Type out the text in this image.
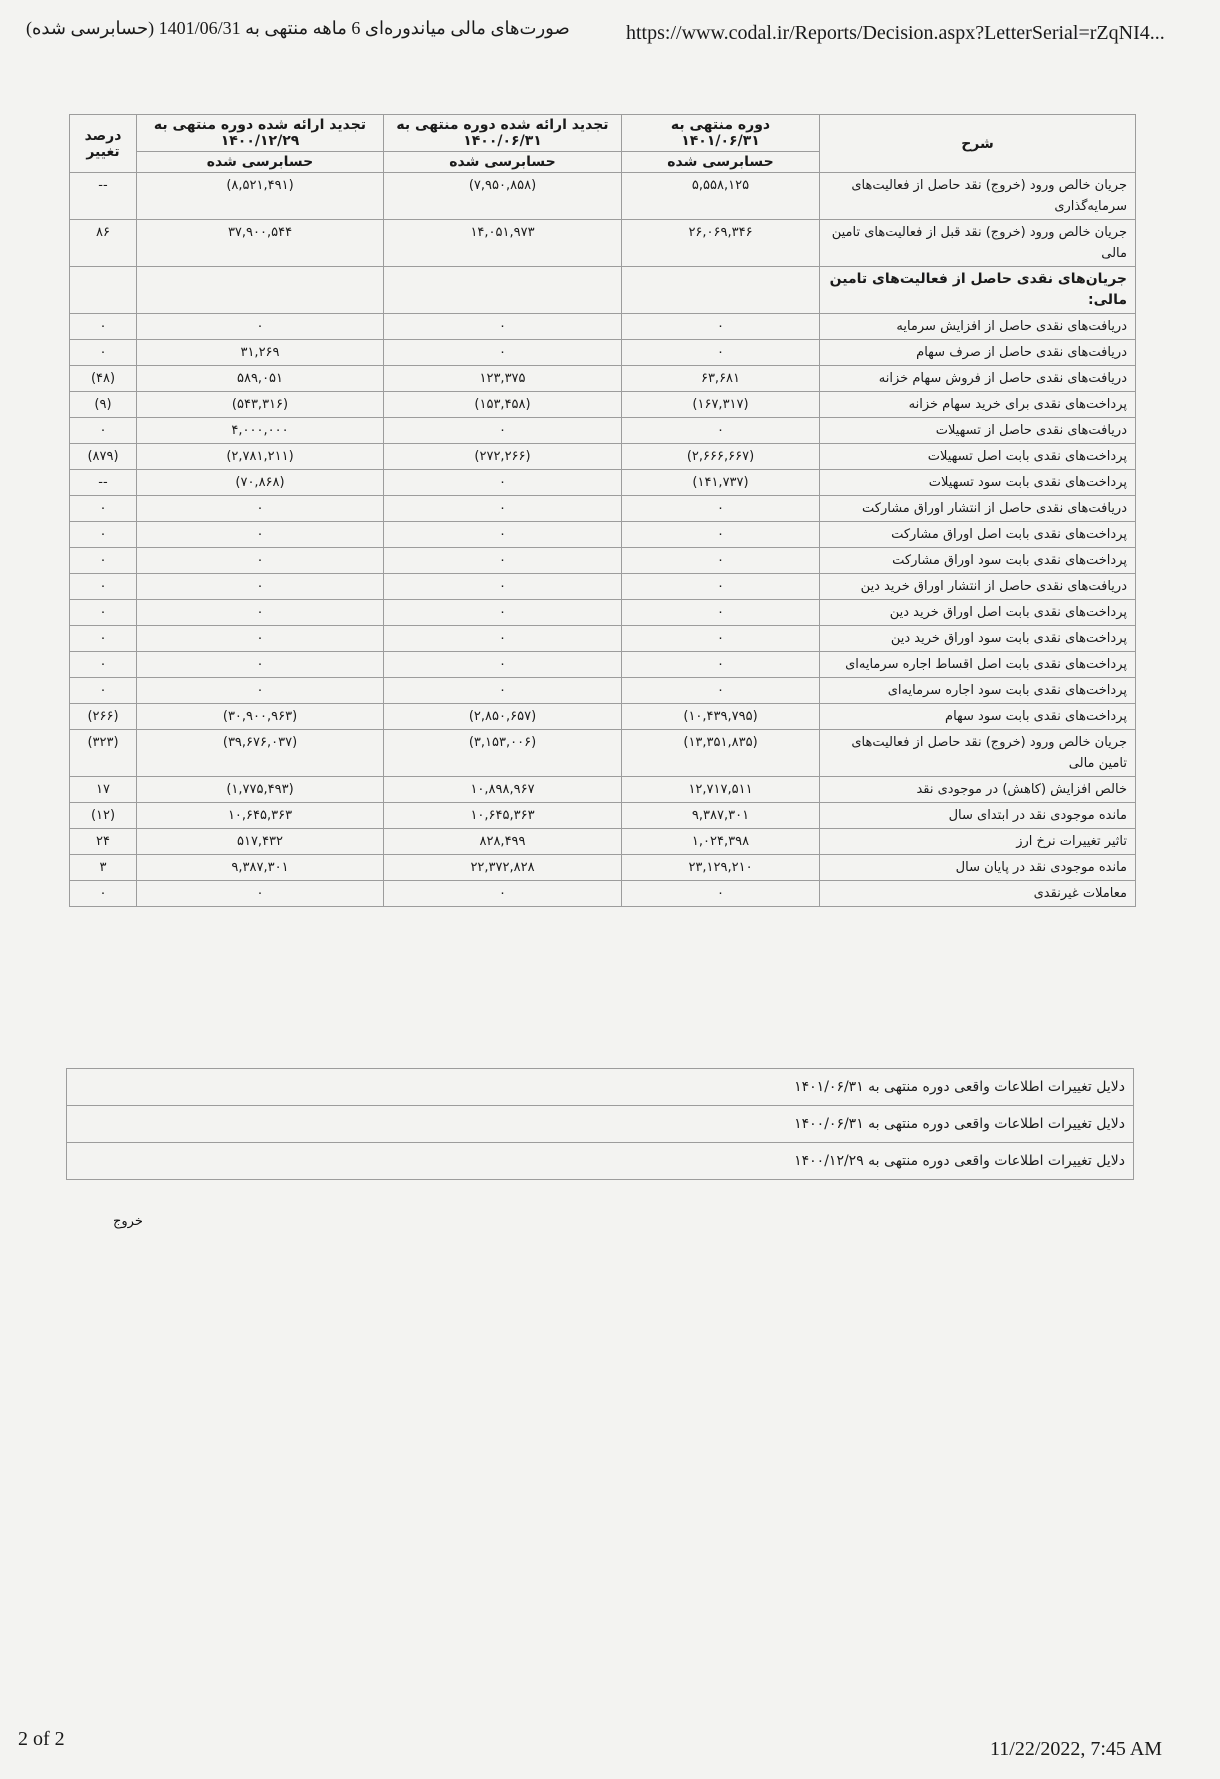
صورت‌های مالی میاندوره‌ای 6 ماهه منتهی به 1401/06/31 (حسابرسی شده)	https://www.codal.ir/Reports/Decision.aspx?LetterSerial=rZqNI4...
شرح	دوره منتهی به ۱۴۰۱/۰۶/۳۱	تجدید ارائه شده دوره منتهی به ۱۴۰۰/۰۶/۳۱	تجدید ارائه شده دوره منتهی به ۱۴۰۰/۱۲/۲۹	درصد تغییر
	حسابرسی شده	حسابرسی شده	حسابرسی شده	
جریان خالص ورود (خروج) نقد حاصل از فعالیت‌های سرمایه‌گذاری	۵,۵۵۸,۱۲۵	(۷,۹۵۰,۸۵۸)	(۸,۵۲۱,۴۹۱)	--
جریان خالص ورود (خروج) نقد قبل از فعالیت‌های تامین مالی	۲۶,۰۶۹,۳۴۶	۱۴,۰۵۱,۹۷۳	۳۷,۹۰۰,۵۴۴	۸۶
جریان‌های نقدی حاصل از فعالیت‌های تامین مالی:				
دریافت‌های نقدی حاصل از افزایش سرمایه	۰	۰	۰	۰
دریافت‌های نقدی حاصل از صرف سهام	۰	۰	۳۱,۲۶۹	۰
دریافت‌های نقدی حاصل از فروش سهام خزانه	۶۳,۶۸۱	۱۲۳,۳۷۵	۵۸۹,۰۵۱	(۴۸)
پرداخت‌های نقدی برای خرید سهام خزانه	(۱۶۷,۳۱۷)	(۱۵۳,۴۵۸)	(۵۴۳,۳۱۶)	(۹)
دریافت‌های نقدی حاصل از تسهیلات	۰	۰	۴,۰۰۰,۰۰۰	۰
پرداخت‌های نقدی بابت اصل تسهیلات	(۲,۶۶۶,۶۶۷)	(۲۷۲,۲۶۶)	(۲,۷۸۱,۲۱۱)	(۸۷۹)
پرداخت‌های نقدی بابت سود تسهیلات	(۱۴۱,۷۳۷)	۰	(۷۰,۸۶۸)	--
دریافت‌های نقدی حاصل از انتشار اوراق مشارکت	۰	۰	۰	۰
پرداخت‌های نقدی بابت اصل اوراق مشارکت	۰	۰	۰	۰
پرداخت‌های نقدی بابت سود اوراق مشارکت	۰	۰	۰	۰
دریافت‌های نقدی حاصل از انتشار اوراق خرید دین	۰	۰	۰	۰
پرداخت‌های نقدی بابت اصل اوراق خرید دین	۰	۰	۰	۰
پرداخت‌های نقدی بابت سود اوراق خرید دین	۰	۰	۰	۰
پرداخت‌های نقدی بابت اصل اقساط اجاره سرمایه‌ای	۰	۰	۰	۰
پرداخت‌های نقدی بابت سود اجاره سرمایه‌ای	۰	۰	۰	۰
پرداخت‌های نقدی بابت سود سهام	(۱۰,۴۳۹,۷۹۵)	(۲,۸۵۰,۶۵۷)	(۳۰,۹۰۰,۹۶۳)	(۲۶۶)
جریان خالص ورود (خروج) نقد حاصل از فعالیت‌های تامین مالی	(۱۳,۳۵۱,۸۳۵)	(۳,۱۵۳,۰۰۶)	(۳۹,۶۷۶,۰۳۷)	(۳۲۳)
خالص افزایش (کاهش) در موجودی نقد	۱۲,۷۱۷,۵۱۱	۱۰,۸۹۸,۹۶۷	(۱,۷۷۵,۴۹۳)	۱۷
مانده موجودی نقد در ابتدای سال	۹,۳۸۷,۳۰۱	۱۰,۶۴۵,۳۶۳	۱۰,۶۴۵,۳۶۳	(۱۲)
تاثیر تغییرات نرخ ارز	۱,۰۲۴,۳۹۸	۸۲۸,۴۹۹	۵۱۷,۴۳۲	۲۴
مانده موجودی نقد در پایان سال	۲۳,۱۲۹,۲۱۰	۲۲,۳۷۲,۸۲۸	۹,۳۸۷,۳۰۱	۳
معاملات غیرنقدی	۰	۰	۰	۰
دلایل تغییرات اطلاعات واقعی دوره منتهی به ۱۴۰۱/۰۶/۳۱
دلایل تغییرات اطلاعات واقعی دوره منتهی به ۱۴۰۰/۰۶/۳۱
دلایل تغییرات اطلاعات واقعی دوره منتهی به ۱۴۰۰/۱۲/۲۹
خروج
2 of 2	11/22/2022, 7:45 AM
